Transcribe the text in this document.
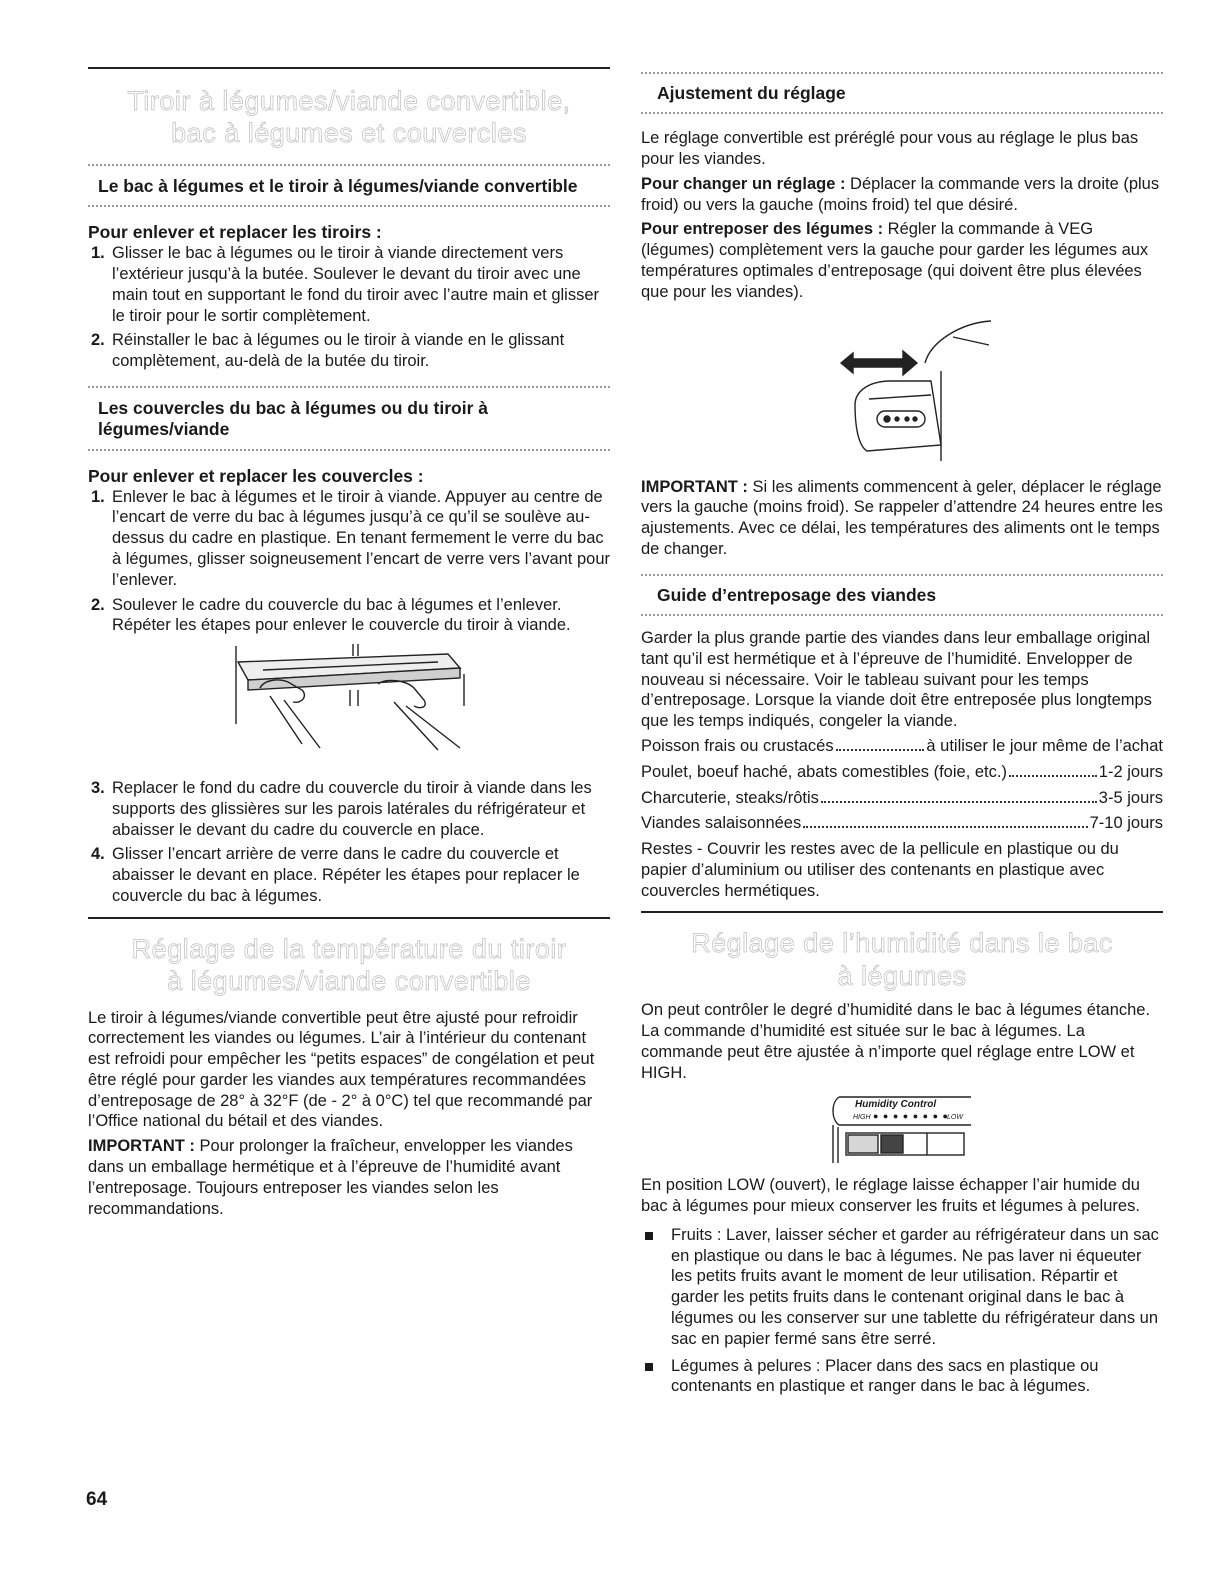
Tiroir à légumes/viande convertible, bac à légumes et couvercles
Le bac à légumes et le tiroir à légumes/viande convertible
Pour enlever et replacer les tiroirs :
1. Glisser le bac à légumes ou le tiroir à viande directement vers l’extérieur jusqu’à la butée. Soulever le devant du tiroir avec une main tout en supportant le fond du tiroir avec l’autre main et glisser le tiroir pour le sortir complètement.
2. Réinstaller le bac à légumes ou le tiroir à viande en le glissant complètement, au-delà de la butée du tiroir.
Les couvercles du bac à légumes ou du tiroir à légumes/viande
Pour enlever et replacer les couvercles :
1. Enlever le bac à légumes et le tiroir à viande. Appuyer au centre de l’encart de verre du bac à légumes jusqu’à ce qu’il se soulève au-dessus du cadre en plastique. En tenant fermement le verre du bac à légumes, glisser soigneusement l’encart de verre vers l’avant pour l’enlever.
2. Soulever le cadre du couvercle du bac à légumes et l’enlever. Répéter les étapes pour enlever le couvercle du tiroir à viande.
3. Replacer le fond du cadre du couvercle du tiroir à viande dans les supports des glissières sur les parois latérales du réfrigérateur et abaisser le devant du cadre du couvercle en place.
4. Glisser l’encart arrière de verre dans le cadre du couvercle et abaisser le devant en place. Répéter les étapes pour replacer le couvercle du bac à légumes.
Réglage de la température du tiroir à légumes/viande convertible

Le tiroir à légumes/viande convertible peut être ajusté pour refroidir correctement les viandes ou légumes. L’air à l’intérieur du contenant est refroidi pour empêcher les “petits espaces” de congélation et peut être réglé pour garder les viandes aux températures recommandées d’entreposage de 28° à 32°F (de - 2° à 0°C) tel que recommandé par l’Office national du bétail et des viandes.

IMPORTANT : Pour prolonger la fraîcheur, envelopper les viandes dans un emballage hermétique et à l’épreuve de l’humidité avant l’entreposage. Toujours entreposer les viandes selon les recommandations.

Ajustement du réglage

Le réglage convertible est préréglé pour vous au réglage le plus bas pour les viandes.

Pour changer un réglage : Déplacer la commande vers la droite (plus froid) ou vers la gauche (moins froid) tel que désiré.

Pour entreposer des légumes : Régler la commande à VEG (légumes) complètement vers la gauche pour garder les légumes aux températures optimales d’entreposage (qui doivent être plus élevées que pour les viandes).

IMPORTANT : Si les aliments commencent à geler, déplacer le réglage vers la gauche (moins froid). Se rappeler d’attendre 24 heures entre les ajustements. Avec ce délai, les températures des aliments ont le temps de changer.

Guide d’entreposage des viandes

Garder la plus grande partie des viandes dans leur emballage original tant qu’il est hermétique et à l’épreuve de l’humidité. Envelopper de nouveau si nécessaire. Voir le tableau suivant pour les temps d’entreposage. Lorsque la viande doit être entreposée plus longtemps que les temps indiqués, congeler la viande.

Poisson frais ou crustacés	à utiliser le jour même de l’achat
Poulet, boeuf haché, abats comestibles (foie, etc.)	1-2 jours
Charcuterie, steaks/rôtis	3-5 jours
Viandes salaisonnées	7-10 jours

Restes - Couvrir les restes avec de la pellicule en plastique ou du papier d’aluminium ou utiliser des contenants en plastique avec couvercles hermétiques.

Réglage de l’humidité dans le bac à légumes

On peut contrôler le degré d’humidité dans le bac à légumes étanche. La commande d’humidité est située sur le bac à légumes. La commande peut être ajustée à n’importe quel réglage entre LOW et HIGH.

Humidity Control
HIGH ● ● ● ● ● ● ● ●
LOW

En position LOW (ouvert), le réglage laisse échapper l’air humide du bac à légumes pour mieux conserver les fruits et légumes à pelures.

Fruits : Laver, laisser sécher et garder au réfrigérateur dans un sac en plastique ou dans le bac à légumes. Ne pas laver ni équeuter les petits fruits avant le moment de leur utilisation. Répartir et garder les petits fruits dans le contenant original dans le bac à légumes ou les conserver sur une tablette du réfrigérateur dans un sac en papier fermé sans être serré.
Légumes à pelures : Placer dans des sacs en plastique ou contenants en plastique et ranger dans le bac à légumes.
64
